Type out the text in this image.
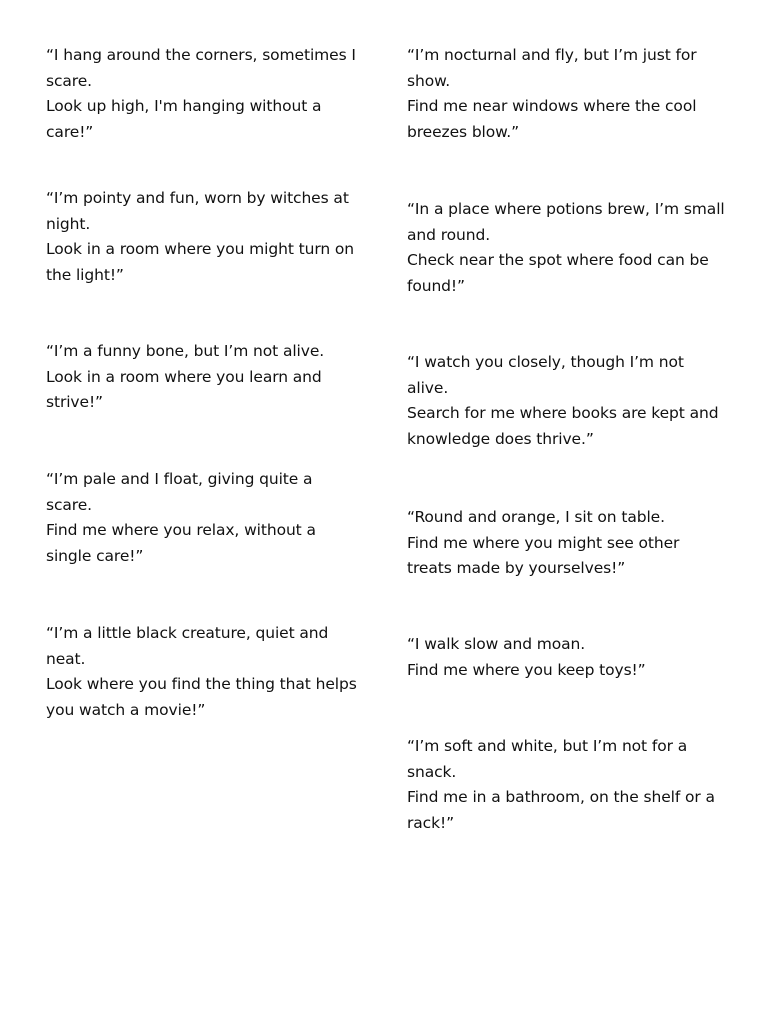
“I hang around the corners, sometimes I scare.
Look up high, I'm hanging without a care!”
“I’m pointy and fun, worn by witches at night.
Look in a room where you might turn on the light!”
“I’m a funny bone, but I’m not alive.
Look in a room where you learn and strive!”
“I’m pale and I float, giving quite a scare.
Find me where you relax, without a single care!”
“I’m a little black creature, quiet and neat.
Look where you find the thing that helps you watch a movie!”
“I’m nocturnal and fly, but I’m just for show.
Find me near windows where the cool breezes blow.”
“In a place where potions brew, I’m small and round.
Check near the spot where food can be found!”
“I watch you closely, though I’m not alive.
Search for me where books are kept and knowledge does thrive.”
“Round and orange, I sit on table.
Find me where you might see other treats made by yourselves!”
“I walk slow and moan.
Find me where you keep toys!”
“I’m soft and white, but I’m not for a snack.
Find me in a bathroom, on the shelf or a rack!”
